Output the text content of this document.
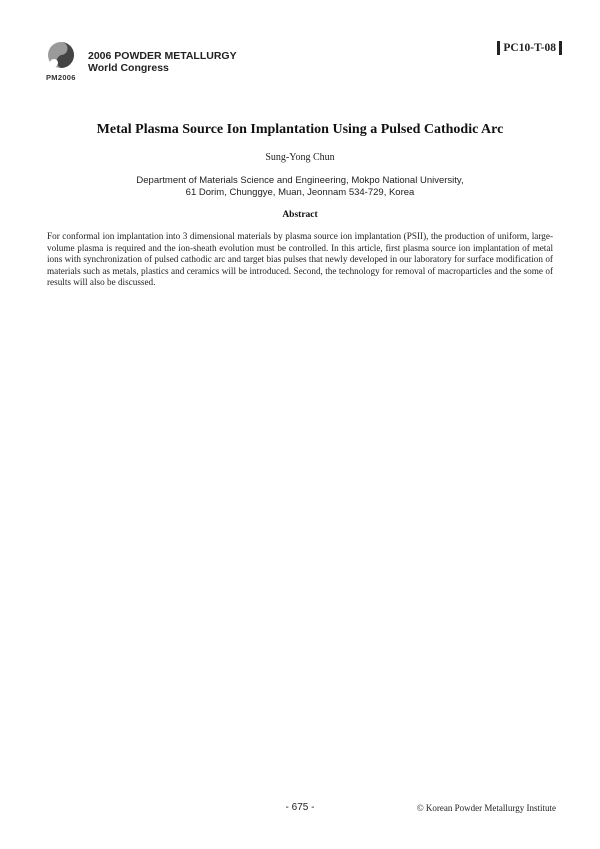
PM2006
2006 POWDER METALLURGY
World Congress
PC10-T-08
Metal Plasma Source Ion Implantation Using a Pulsed Cathodic Arc
Sung-Yong Chun
Department of Materials Science and Engineering, Mokpo National University,
61 Dorim, Chunggye, Muan, Jeonnam 534-729, Korea
Abstract
For conformal ion implantation into 3 dimensional materials by plasma source ion implantation (PSII), the production of uniform, large-volume plasma is required and the ion-sheath evolution must be controlled. In this article, first plasma source ion implantation of metal ions with synchronization of pulsed cathodic arc and target bias pulses that newly developed in our laboratory for surface modification of materials such as metals, plastics and ceramics will be introduced. Second, the technology for removal of macroparticles and the some of results will also be discussed.
- 675 -	© Korean Powder Metallurgy Institute
